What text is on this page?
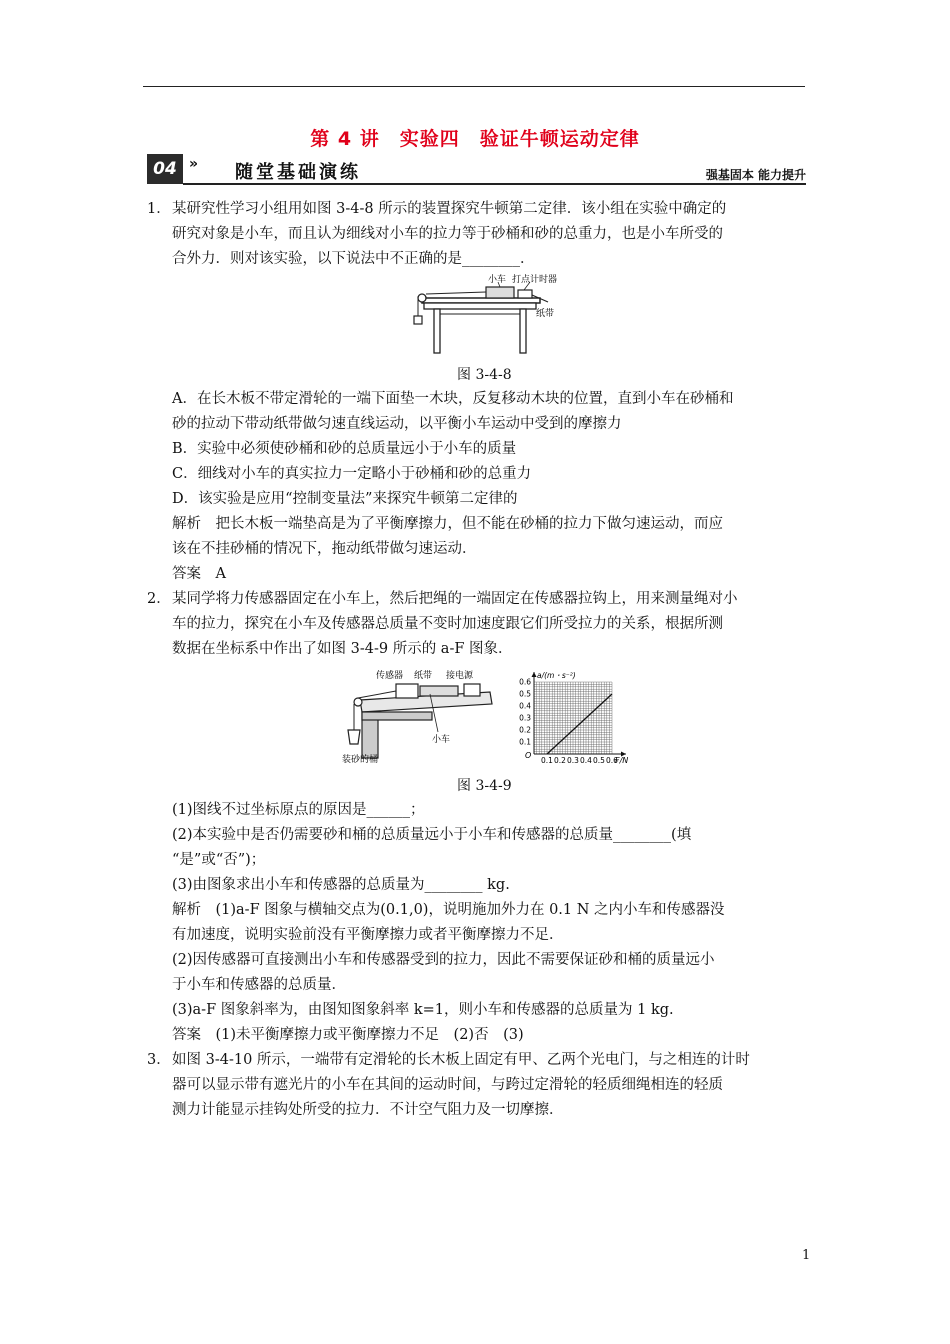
第 4 讲　实验四　验证牛顿运动定律
04 » 随堂基础演练	强基固本 能力提升
1． 某研究性学习小组用如图 3-4-8 所示的装置探究牛顿第二定律．该小组在实验中确定的
研究对象是小车，而且认为细线对小车的拉力等于砂桶和砂的总重力，也是小车所受的
合外力．则对该实验，以下说法中不正确的是________．
小车 打点计时器
纸带
图 3-4-8
A．在长木板不带定滑轮的一端下面垫一木块，反复移动木块的位置，直到小车在砂桶和
砂的拉动下带动纸带做匀速直线运动，以平衡小车运动中受到的摩擦力
B．实验中必须使砂桶和砂的总质量远小于小车的质量
C．细线对小车的真实拉力一定略小于砂桶和砂的总重力
D．该实验是应用“控制变量法”来探究牛顿第二定律的
解析　把长木板一端垫高是为了平衡摩擦力，但不能在砂桶的拉力下做匀速运动，而应
该在不挂砂桶的情况下，拖动纸带做匀速运动．
答案　A
2． 某同学将力传感器固定在小车上，然后把绳的一端固定在传感器拉钩上，用来测量绳对小
车的拉力，探究在小车及传感器总质量不变时加速度跟它们所受拉力的关系，根据所测
数据在坐标系中作出了如图 3-4-9 所示的 a-F 图象．
传感器 纸带 接电源
小车
装砂的桶	0.1 0.2 0.3 0.4 0.5 0.6
0.1
0.2
0.3
0.4
0.5
0.6
a/(m・s⁻²)
F/N
O
图 3-4-9
(1)图线不过坐标原点的原因是______；
(2)本实验中是否仍需要砂和桶的总质量远小于小车和传感器的总质量________(填
“是”或“否”)；
(3)由图象求出小车和传感器的总质量为________ kg.
解析　(1)a-F 图象与横轴交点为(0.1,0)，说明施加外力在 0.1 N 之内小车和传感器没
有加速度，说明实验前没有平衡摩擦力或者平衡摩擦力不足．
(2)因传感器可直接测出小车和传感器受到的拉力，因此不需要保证砂和桶的质量远小
于小车和传感器的总质量．
(3)a-F 图象斜率为，由图知图象斜率 k=1，则小车和传感器的总质量为 1 kg.
答案　(1)未平衡摩擦力或平衡摩擦力不足　(2)否　(3)
3． 如图 3-4-10 所示，一端带有定滑轮的长木板上固定有甲、乙两个光电门，与之相连的计时
器可以显示带有遮光片的小车在其间的运动时间，与跨过定滑轮的轻质细绳相连的轻质
测力计能显示挂钩处所受的拉力．不计空气阻力及一切摩擦．
1
